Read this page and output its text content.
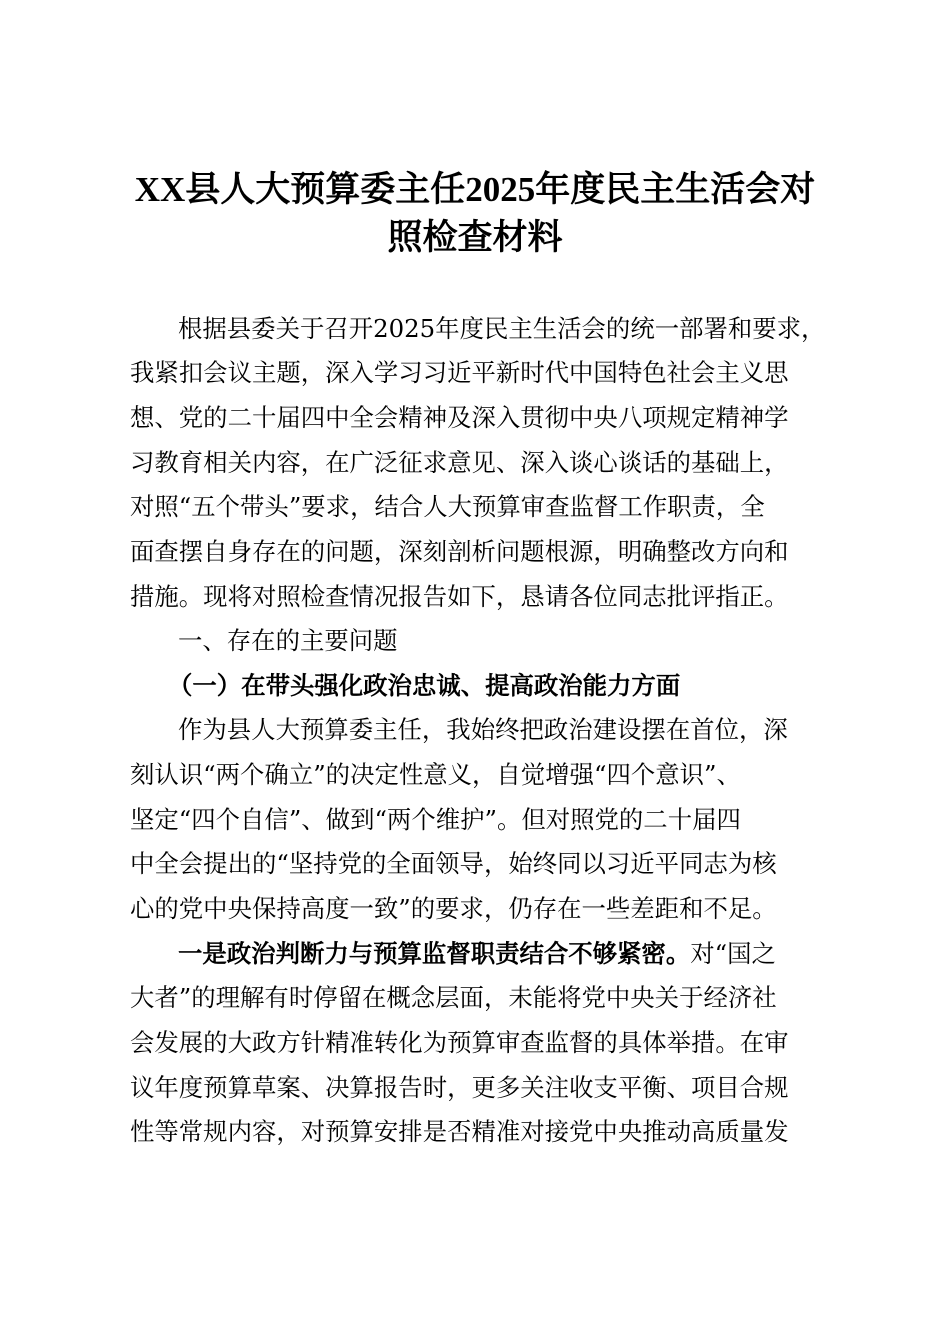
XX县人大预算委主任2025年度民主生活会对
照检查材料

根据县委关于召开2025年度民主生活会的统一部署和要求，

我紧扣会议主题，深入学习习近平新时代中国特色社会主义思

想、党的二十届四中全会精神及深入贯彻中央八项规定精神学

习教育相关内容，在广泛征求意见、深入谈心谈话的基础上，

对照“五个带头”要求，结合人大预算审查监督工作职责，全

面查摆自身存在的问题，深刻剖析问题根源，明确整改方向和

措施。现将对照检查情况报告如下，恳请各位同志批评指正。

一、存在的主要问题

（一）在带头强化政治忠诚、提高政治能力方面

作为县人大预算委主任，我始终把政治建设摆在首位，深

刻认识“两个确立”的决定性意义，自觉增强“四个意识”、

坚定“四个自信”、做到“两个维护”。但对照党的二十届四

中全会提出的“坚持党的全面领导，始终同以习近平同志为核

心的党中央保持高度一致”的要求，仍存在一些差距和不足。

一是政治判断力与预算监督职责结合不够紧密。对“国之

大者”的理解有时停留在概念层面，未能将党中央关于经济社

会发展的大政方针精准转化为预算审查监督的具体举措。在审

议年度预算草案、决算报告时，更多关注收支平衡、项目合规

性等常规内容，对预算安排是否精准对接党中央推动高质量发
